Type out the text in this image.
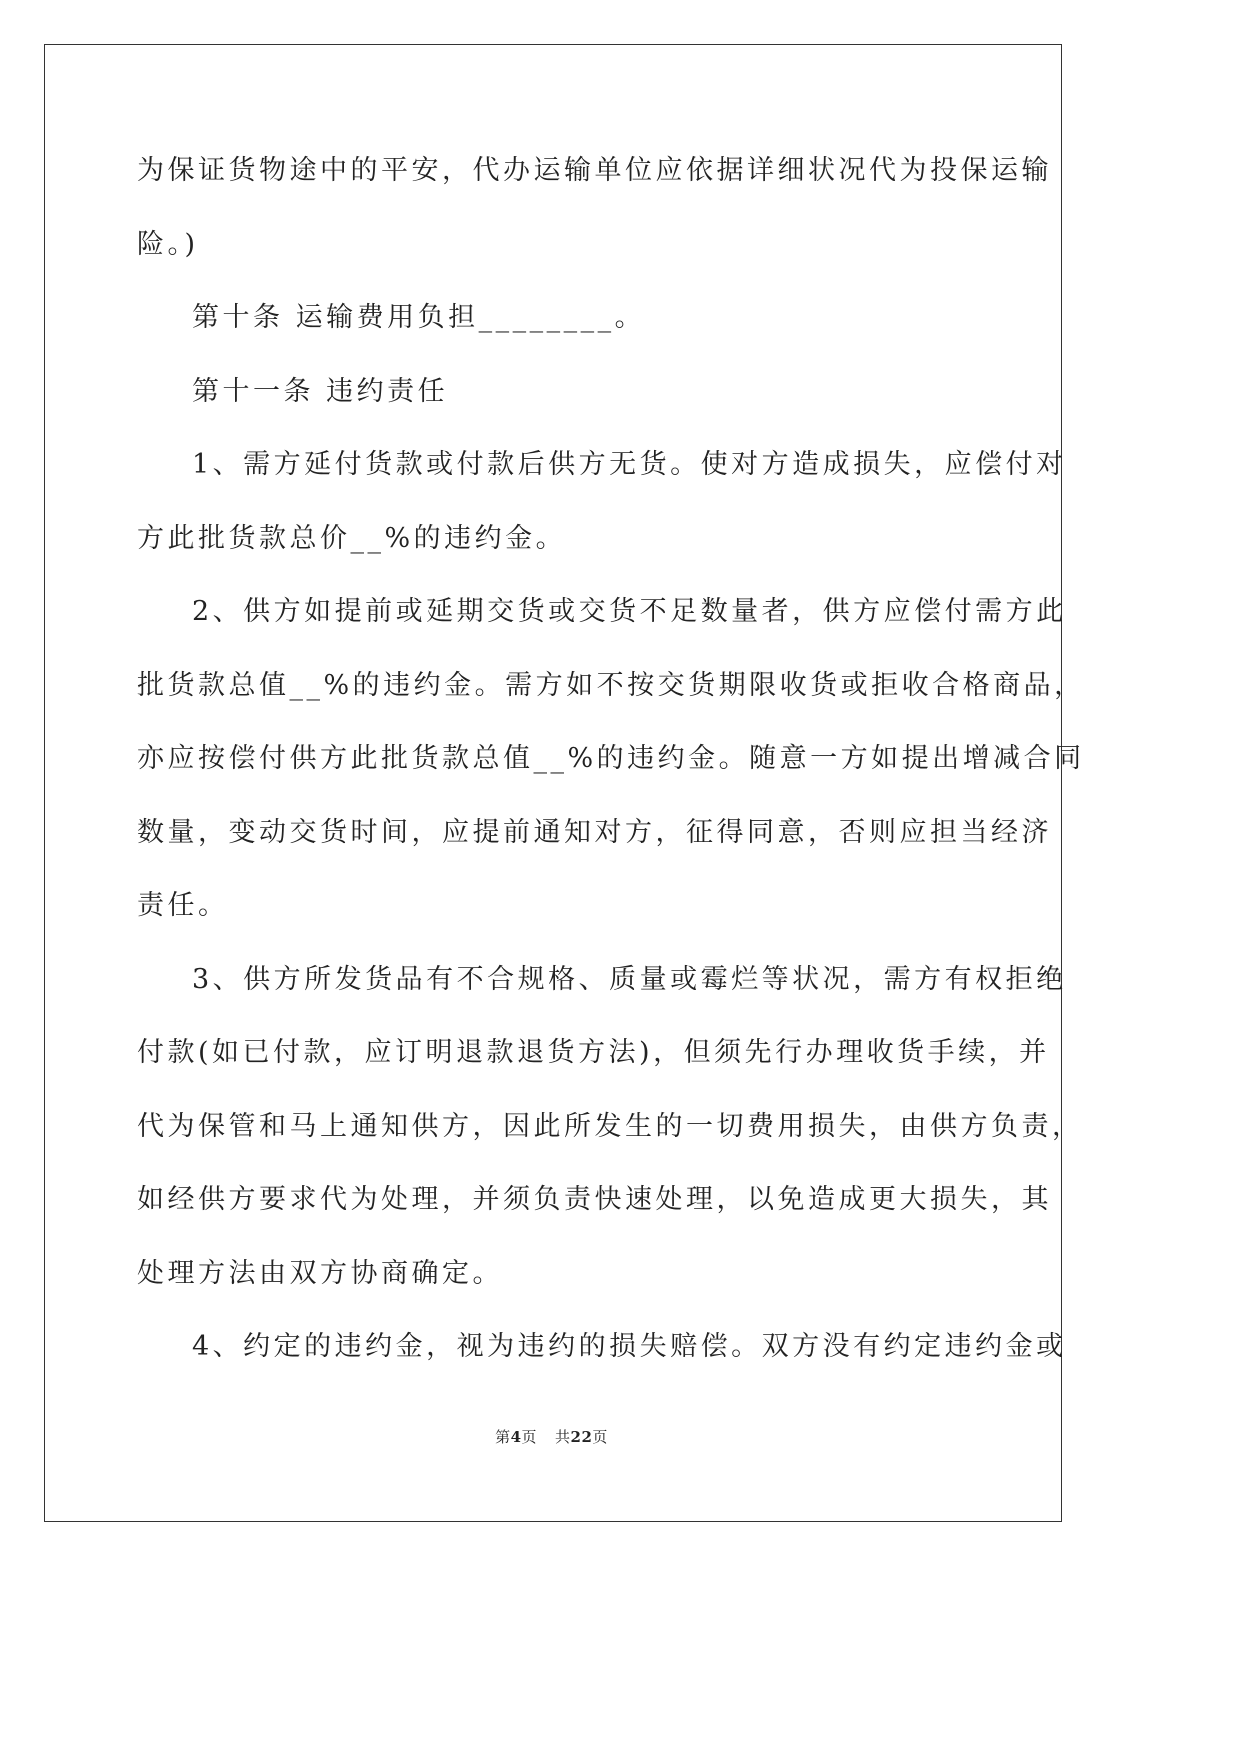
为保证货物途中的平安，代办运输单位应依据详细状况代为投保运输
险。)
第十条 运输费用负担________。
第十一条 违约责任
1、需方延付货款或付款后供方无货。使对方造成损失，应偿付对
方此批货款总价__%的违约金。
2、供方如提前或延期交货或交货不足数量者，供方应偿付需方此
批货款总值__%的违约金。需方如不按交货期限收货或拒收合格商品，
亦应按偿付供方此批货款总值__%的违约金。随意一方如提出增减合同
数量，变动交货时间，应提前通知对方，征得同意，否则应担当经济
责任。
3、供方所发货品有不合规格、质量或霉烂等状况，需方有权拒绝
付款(如已付款，应订明退款退货方法)，但须先行办理收货手续，并
代为保管和马上通知供方，因此所发生的一切费用损失，由供方负责，
如经供方要求代为处理，并须负责快速处理，以免造成更大损失，其
处理方法由双方协商确定。
4、约定的违约金，视为违约的损失赔偿。双方没有约定违约金或
第4页 共22页
